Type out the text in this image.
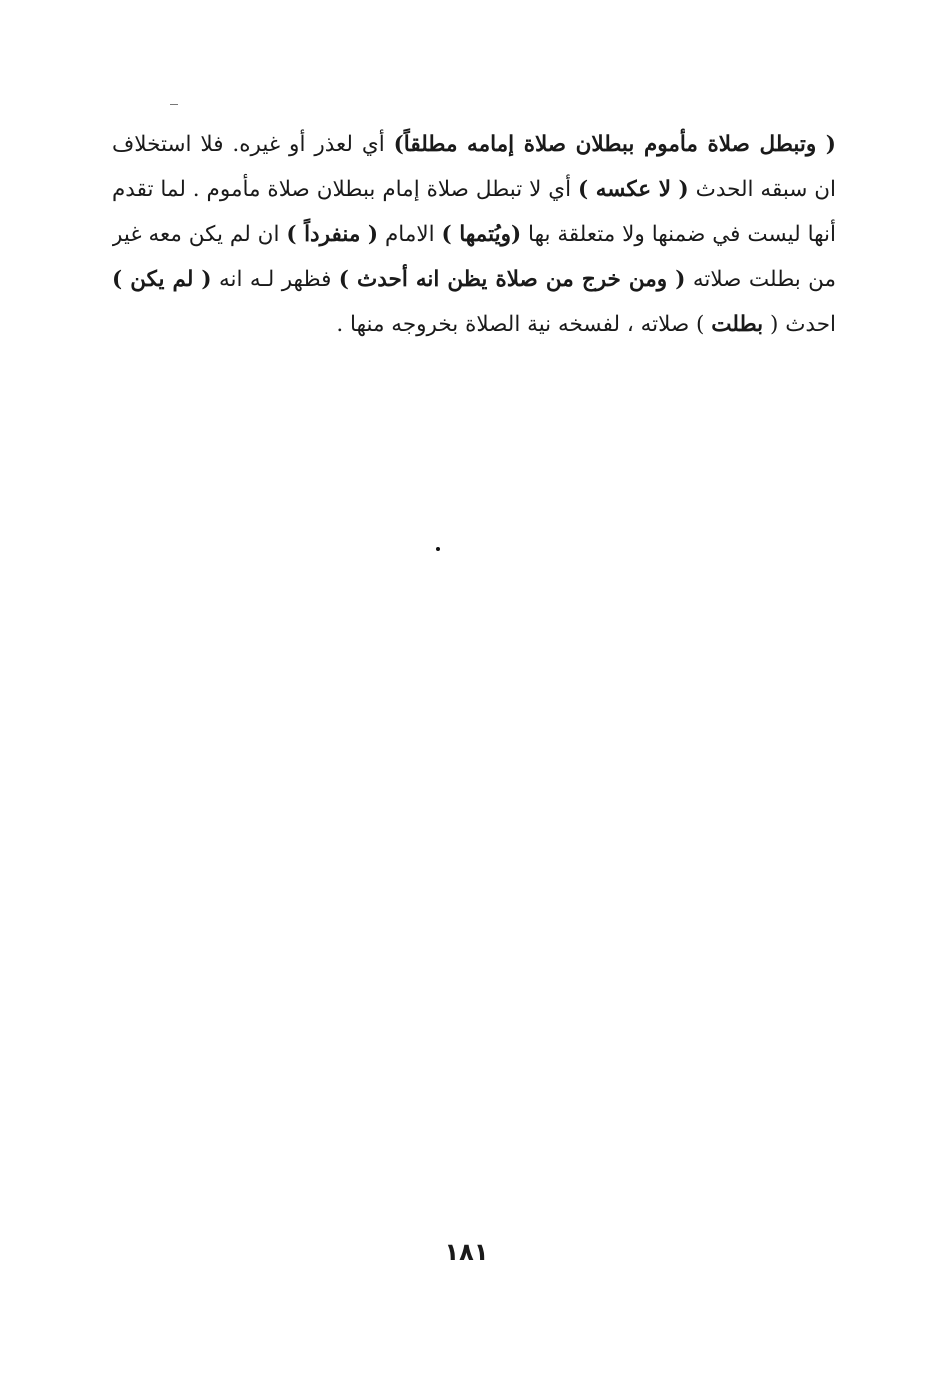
( وتبطل صلاة مأموم ببطلان صلاة إمامه مطلقاً) أي لعذر أو غيره. فلا استخلاف
ان سبقه الحدث ( لا عكسه ) أي لا تبطل صلاة إمام ببطلان صلاة مأموم . لما تقدم
أنها ليست في ضمنها ولا متعلقة بها (ويُتمها ) الامام ( منفرداً ) ان لم يكن معه غير
من بطلت صلاته ( ومن خرج من صلاة يظن انه أحدث ) فظهر لـه انه ( لم يكن )
احدث ( بطلت ) صلاته ، لفسخه نية الصلاة بخروجه منها .
١٨١
